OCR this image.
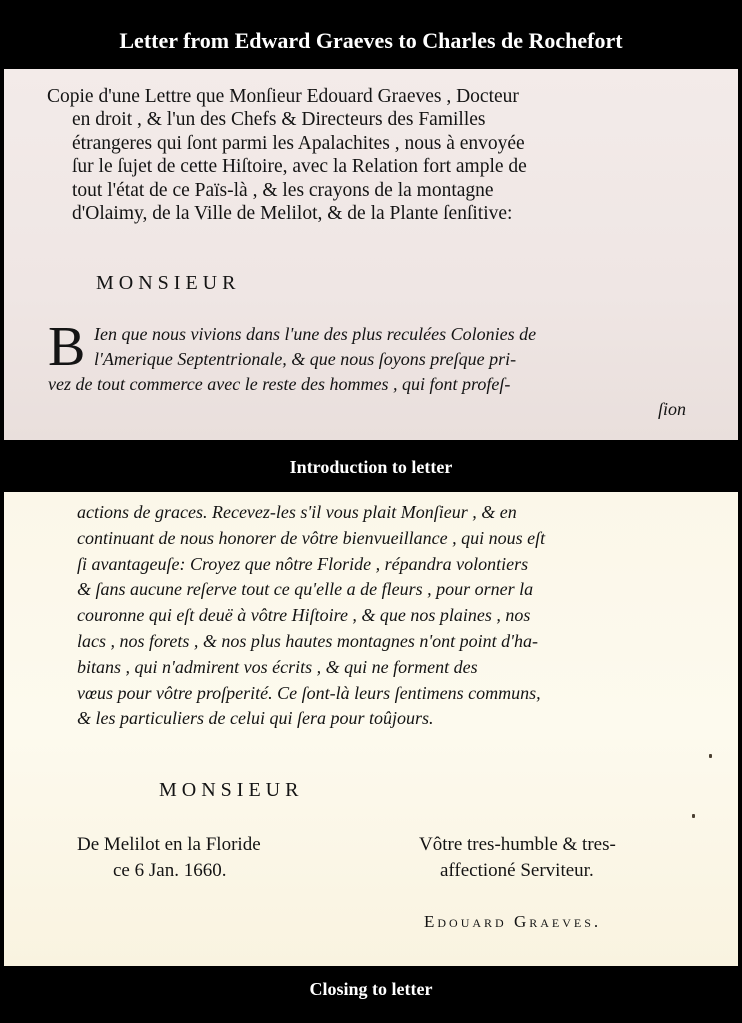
Letter from Edward Graeves to Charles de Rochefort
Copie d'une Lettre que Monſieur Edouard Graeves , Docteur
en droit , & l'un des Chefs & Directeurs des Familles
étrangeres qui ſont parmi les Apalachites , nous à envoyée
ſur le ſujet de cette Hiſtoire, avec la Relation fort ample de
tout l'état de ce Païs-là , & les crayons de la montagne
d'Olaimy, de la Ville de Melilot, & de la Plante ſenſitive:
MONSIEUR
B Ien que nous vivions dans l'une des plus reculées Colonies de
l'Amerique Septentrionale, & que nous ſoyons preſque pri-
vez de tout commerce avec le reste des hommes , qui font profeſ-
ſion
Introduction to letter
actions de graces. Recevez-les s'il vous plait Monſieur , & en
continuant de nous honorer de vôtre bienvueillance , qui nous eſt
ſi avantageuſe: Croyez que nôtre Floride , répandra volontiers
& ſans aucune reſerve tout ce qu'elle a de fleurs , pour orner la
couronne qui eſt deuë à vôtre Hiſtoire , & que nos plaines , nos
lacs , nos forets , & nos plus hautes montagnes n'ont point d'ha-
bitans , qui n'admirent vos écrits , & qui ne forment des
vœus pour vôtre proſperité. Ce ſont-là leurs ſentimens communs,
& les particuliers de celui qui ſera pour toûjours.
MONSIEUR
De Melilot en la Floride
ce 6 Jan. 1660.
Vôtre tres-humble & tres-
affectioné Serviteur.
Edouard Graeves.
Closing to letter
